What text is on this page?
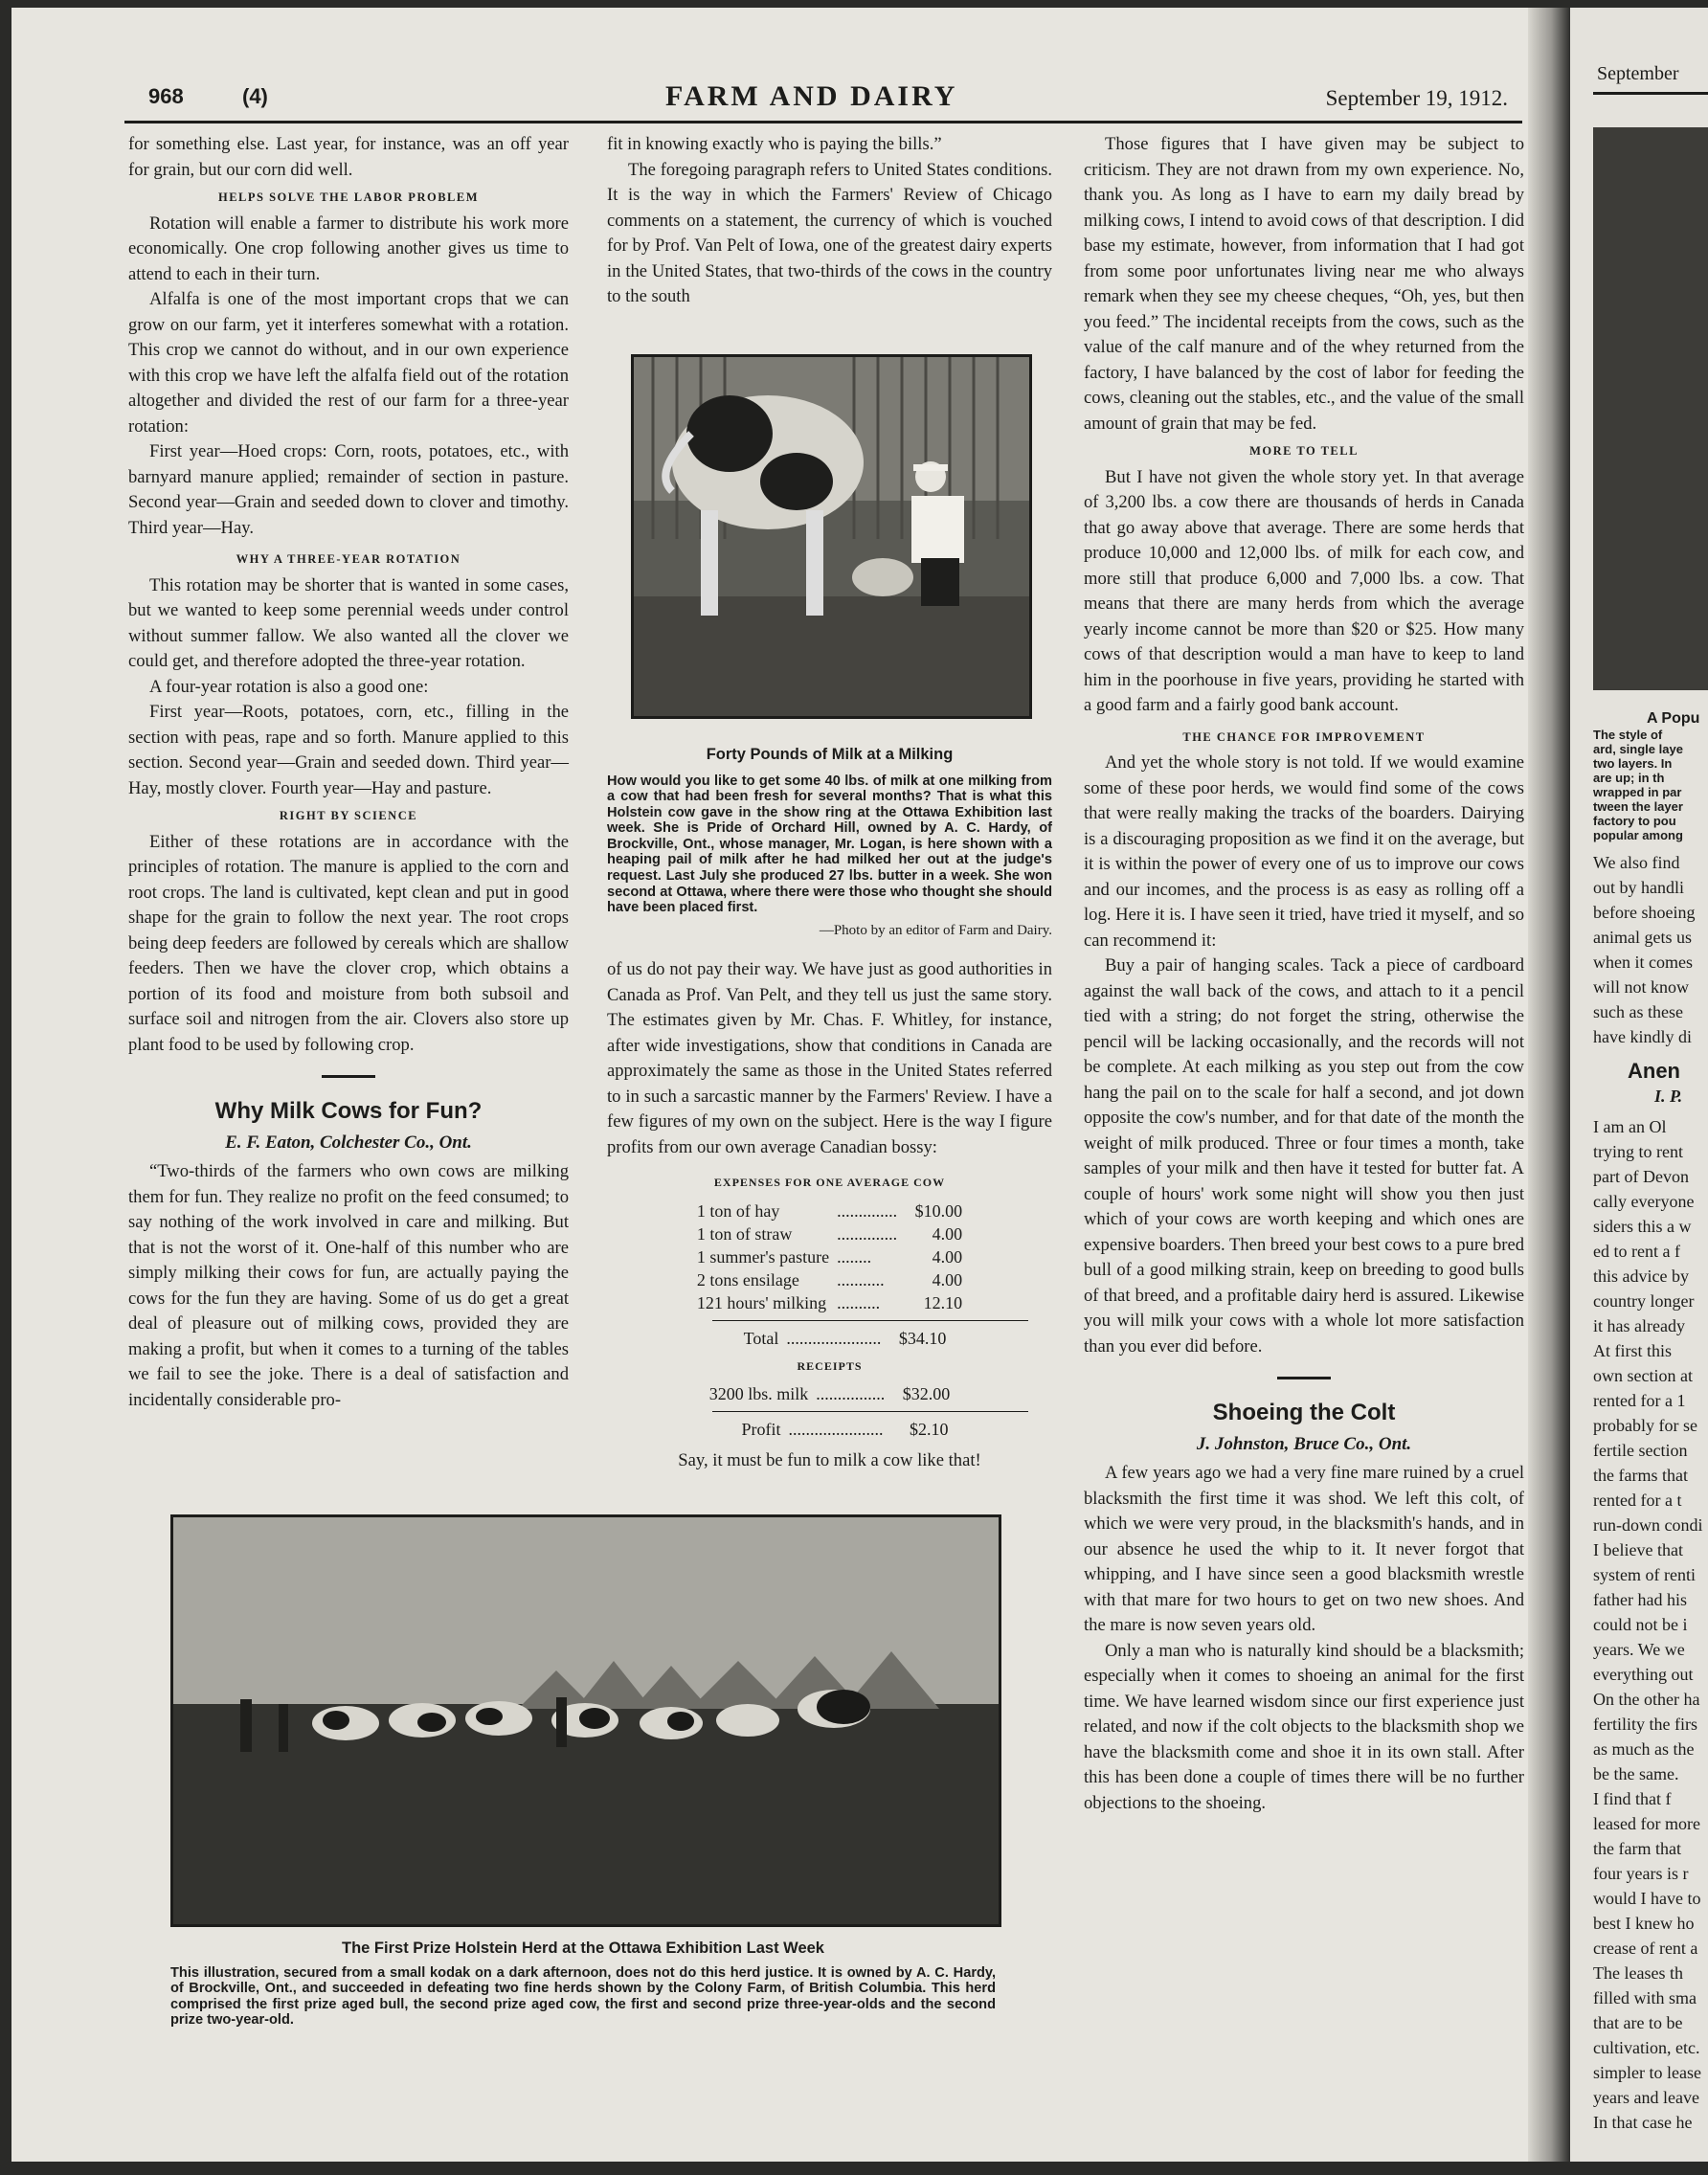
968	(4)	FARM AND DAIRY	September 19, 1912.

for something else. Last year, for instance, was an off year for grain, but our corn did well.

HELPS SOLVE THE LABOR PROBLEM

Rotation will enable a farmer to distribute his work more economically. One crop following another gives us time to attend to each in their turn.

Alfalfa is one of the most important crops that we can grow on our farm, yet it interferes somewhat with a rotation. This crop we cannot do without, and in our own experience with this crop we have left the alfalfa field out of the rotation altogether and divided the rest of our farm for a three-year rotation:

First year—Hoed crops: Corn, roots, potatoes, etc., with barnyard manure applied; remainder of section in pasture. Second year—Grain and seeded down to clover and timothy. Third year—Hay.

WHY A THREE-YEAR ROTATION

This rotation may be shorter that is wanted in some cases, but we wanted to keep some perennial weeds under control without summer fallow. We also wanted all the clover we could get, and therefore adopted the three-year rotation.

A four-year rotation is also a good one:

First year—Roots, potatoes, corn, etc., filling in the section with peas, rape and so forth. Manure applied to this section. Second year—Grain and seeded down. Third year—Hay, mostly clover. Fourth year—Hay and pasture.

RIGHT BY SCIENCE

Either of these rotations are in accordance with the principles of rotation. The manure is applied to the corn and root crops. The land is cultivated, kept clean and put in good shape for the grain to follow the next year. The root crops being deep feeders are followed by cereals which are shallow feeders. Then we have the clover crop, which obtains a portion of its food and moisture from both subsoil and surface soil and nitrogen from the air. Clovers also store up plant food to be used by following crop.

Why Milk Cows for Fun?
E. F. Eaton, Colchester Co., Ont.

“Two-thirds of the farmers who own cows are milking them for fun. They realize no profit on the feed consumed; to say nothing of the work involved in care and milking. But that is not the worst of it. One-half of this number who are simply milking their cows for fun, are actually paying the cows for the fun they are having. Some of us do get a great deal of pleasure out of milking cows, provided they are making a profit, but when it comes to a turning of the tables we fail to see the joke. There is a deal of satisfaction and incidentally considerable pro-

fit in knowing exactly who is paying the bills.”

The foregoing paragraph refers to United States conditions. It is the way in which the Farmers' Review of Chicago comments on a statement, the currency of which is vouched for by Prof. Van Pelt of Iowa, one of the greatest dairy experts in the United States, that two-thirds of the cows in the country to the south

Forty Pounds of Milk at a Milking
How would you like to get some 40 lbs. of milk at one milking from a cow that had been fresh for several months? That is what this Holstein cow gave in the show ring at the Ottawa Exhibition last week. She is Pride of Orchard Hill, owned by A. C. Hardy, of Brockville, Ont., whose manager, Mr. Logan, is here shown with a heaping pail of milk after he had milked her out at the judge's request. Last July she produced 27 lbs. butter in a week. She won second at Ottawa, where there were those who thought she should have been placed first.
—Photo by an editor of Farm and Dairy.

of us do not pay their way. We have just as good authorities in Canada as Prof. Van Pelt, and they tell us just the same story. The estimates given by Mr. Chas. F. Whitley, for instance, after wide investigations, show that conditions in Canada are approximately the same as those in the United States referred to in such a sarcastic manner by the Farmers' Review. I have a few figures of my own on the subject. Here is the way I figure profits from our own average Canadian bossy:

EXPENSES FOR ONE AVERAGE COW
1 ton of hay	..............	$10.00
1 ton of straw	..............	4.00
1 summer's pasture	........	4.00
2 tons ensilage	...........	4.00
121 hours' milking	..........	12.10
Total	......................	$34.10
RECEIPTS
3200 lbs. milk	................	$32.00
Profit	......................	$2.10

Say, it must be fun to milk a cow like that!

Those figures that I have given may be subject to criticism. They are not drawn from my own experience. No, thank you. As long as I have to earn my daily bread by milking cows, I intend to avoid cows of that description. I did base my estimate, however, from information that I had got from some poor unfortunates living near me who always remark when they see my cheese cheques, “Oh, yes, but then you feed.” The incidental receipts from the cows, such as the value of the calf manure and of the whey returned from the factory, I have balanced by the cost of labor for feeding the cows, cleaning out the stables, etc., and the value of the small amount of grain that may be fed.

MORE TO TELL

But I have not given the whole story yet. In that average of 3,200 lbs. a cow there are thousands of herds in Canada that go away above that average. There are some herds that produce 10,000 and 12,000 lbs. of milk for each cow, and more still that produce 6,000 and 7,000 lbs. a cow. That means that there are many herds from which the average yearly income cannot be more than $20 or $25. How many cows of that description would a man have to keep to land him in the poorhouse in five years, providing he started with a good farm and a fairly good bank account.

THE CHANCE FOR IMPROVEMENT

And yet the whole story is not told. If we would examine some of these poor herds, we would find some of the cows that were really making the tracks of the boarders. Dairying is a discouraging proposition as we find it on the average, but it is within the power of every one of us to improve our cows and our incomes, and the process is as easy as rolling off a log. Here it is. I have seen it tried, have tried it myself, and so can recommend it:

Buy a pair of hanging scales. Tack a piece of cardboard against the wall back of the cows, and attach to it a pencil tied with a string; do not forget the string, otherwise the pencil will be lacking occasionally, and the records will not be complete. At each milking as you step out from the cow hang the pail on to the scale for half a second, and jot down opposite the cow's number, and for that date of the month the weight of milk produced. Three or four times a month, take samples of your milk and then have it tested for butter fat. A couple of hours' work some night will show you then just which of your cows are worth keeping and which ones are expensive boarders. Then breed your best cows to a pure bred bull of a good milking strain, keep on breeding to good bulls of that breed, and a profitable dairy herd is assured. Likewise you will milk your cows with a whole lot more satisfaction than you ever did before.

Shoeing the Colt
J. Johnston, Bruce Co., Ont.

A few years ago we had a very fine mare ruined by a cruel blacksmith the first time it was shod. We left this colt, of which we were very proud, in the blacksmith's hands, and in our absence he used the whip to it. It never forgot that whipping, and I have since seen a good blacksmith wrestle with that mare for two hours to get on two new shoes. And the mare is now seven years old.

Only a man who is naturally kind should be a blacksmith; especially when it comes to shoeing an animal for the first time. We have learned wisdom since our first experience just related, and now if the colt objects to the blacksmith shop we have the blacksmith come and shoe it in its own stall. After this has been done a couple of times there will be no further objections to the shoeing.

The First Prize Holstein Herd at the Ottawa Exhibition Last Week
This illustration, secured from a small kodak on a dark afternoon, does not do this herd justice. It is owned by A. C. Hardy, of Brockville, Ont., and succeeded in defeating two fine herds shown by the Colony Farm, of British Columbia. This herd comprised the first prize aged bull, the second prize aged cow, the first and second prize three-year-olds and the second prize two-year-old.
September
A Popu
The style of
ard, single laye
two layers. In
are up; in th
wrapped in par
tween the layer
factory to pou
popular among
We also find
out by handli
before shoeing
animal gets us
when it comes
will not know
such as these
have kindly di
Anen
I. P.
I am an Ol
trying to rent
part of Devon
cally everyone
siders this a w
ed to rent a f
this advice by
country longer
it has already
At first this
own section at
rented for a 1
probably for se
fertile section
the farms that
rented for a t
run-down condi
I believe that
system of renti
father had his
could not be i
years. We we
everything out
On the other ha
fertility the firs
as much as the
be the same.
I find that f
leased for more
the farm that
four years is r
would I have to
best I knew ho
crease of rent a
The leases th
filled with sma
that are to be
cultivation, etc.
simpler to lease
years and leave
In that case he
